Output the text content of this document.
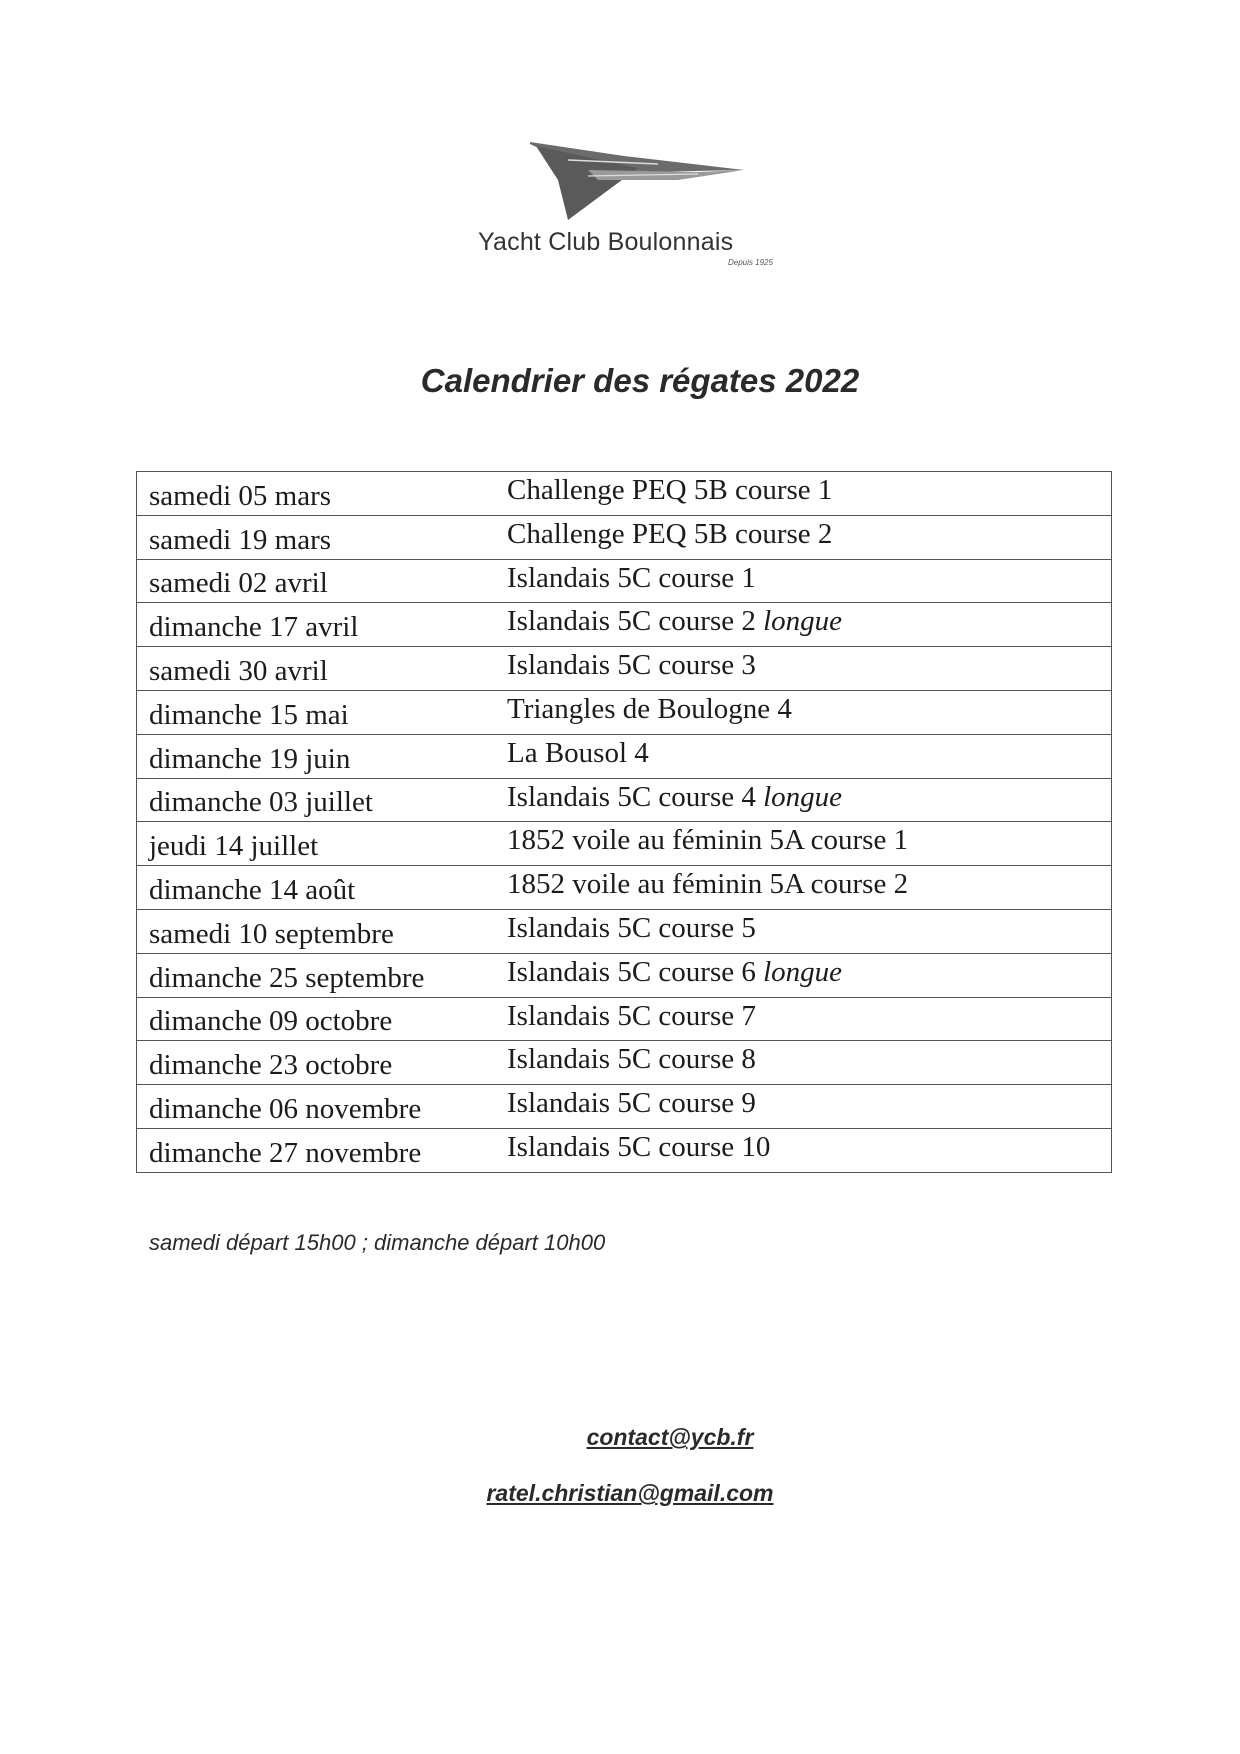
Yacht Club Boulonnais
Depuis 1925
Calendrier des régates 2022
samedi 05 mars	Challenge PEQ 5B course 1
samedi 19 mars	Challenge PEQ 5B course 2
samedi 02 avril	Islandais 5C course 1
dimanche 17 avril	Islandais 5C course 2 longue
samedi 30 avril	Islandais 5C course 3
dimanche 15 mai	Triangles de Boulogne 4
dimanche 19 juin	La Bousol 4
dimanche 03 juillet	Islandais 5C course 4 longue
jeudi 14 juillet	1852 voile au féminin 5A course 1
dimanche 14 août	1852 voile au féminin 5A course 2
samedi 10 septembre	Islandais 5C course 5
dimanche 25 septembre	Islandais 5C course 6 longue
dimanche 09 octobre	Islandais 5C course 7
dimanche 23 octobre	Islandais 5C course 8
dimanche 06 novembre	Islandais 5C course 9
dimanche 27 novembre	Islandais 5C course 10
samedi départ 15h00 ; dimanche départ 10h00
contact@ycb.fr
ratel.christian@gmail.com
